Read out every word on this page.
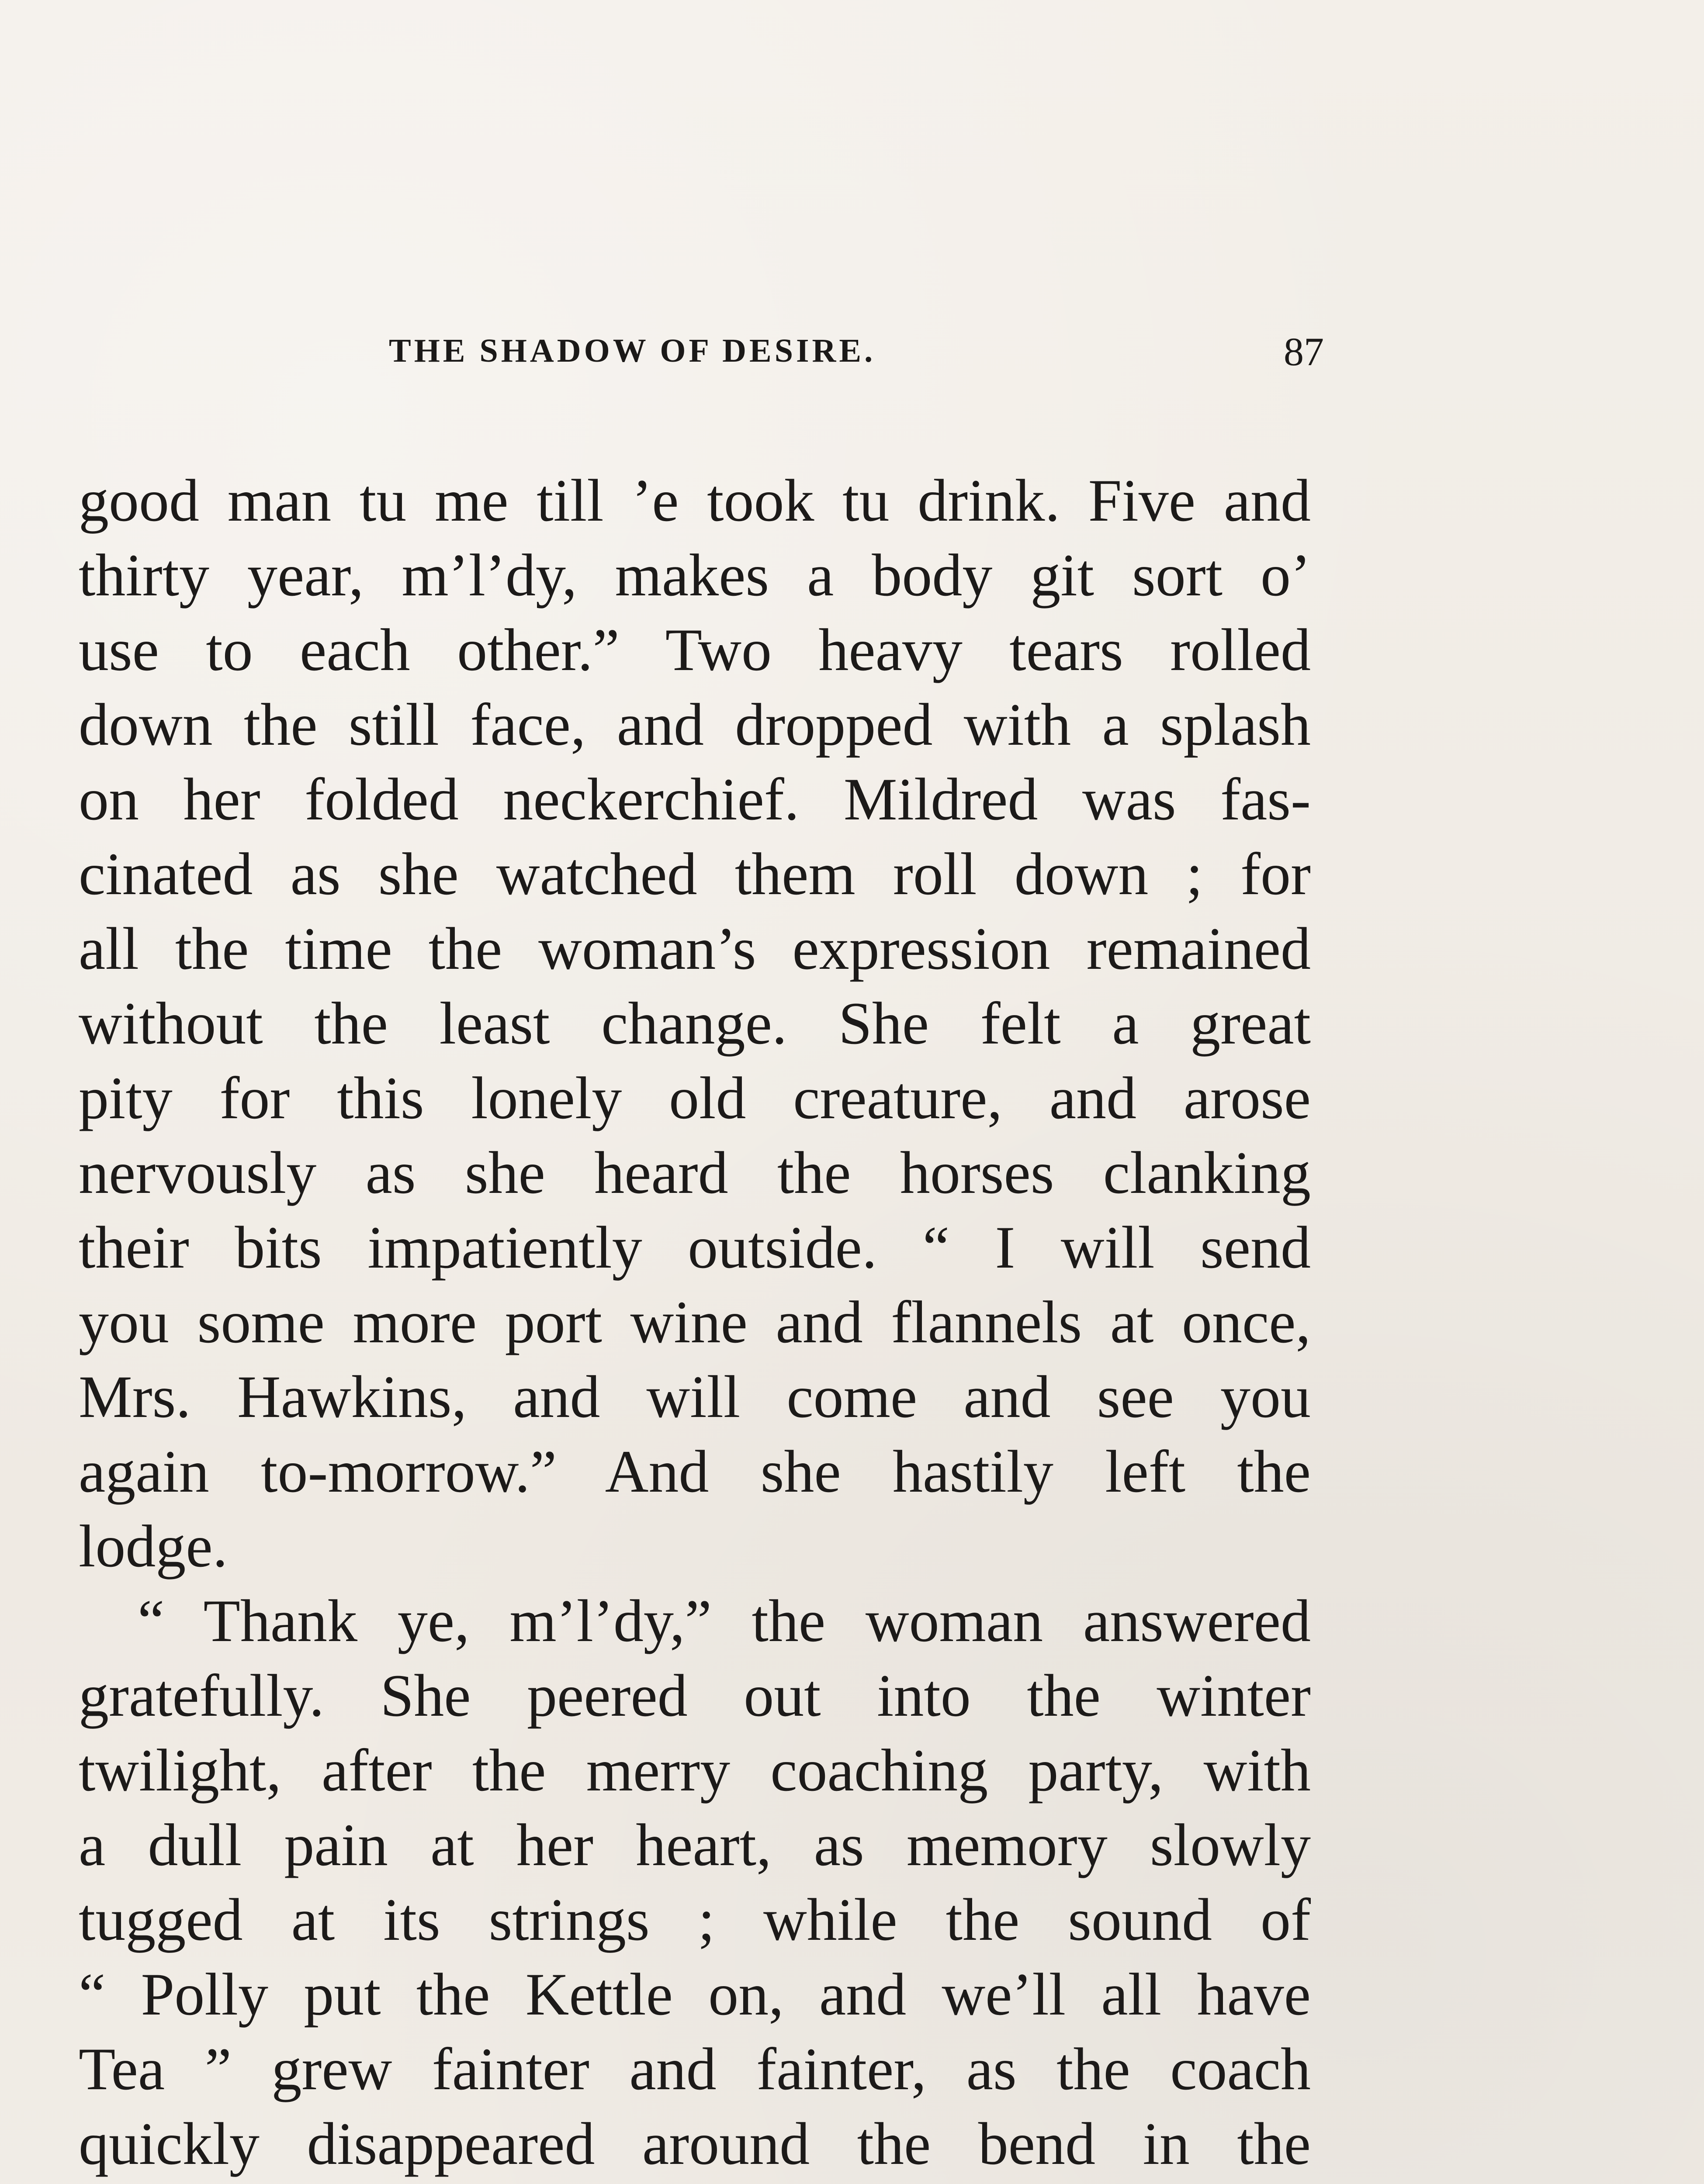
THE SHADOW OF DESIRE.	87
good man tu me till ’e took tu drink. Five and
thirty year, m’l’dy, makes a body git sort o’
use to each other.” Two heavy tears rolled
down the still face, and dropped with a splash
on her folded neckerchief. Mildred was fas-
cinated as she watched them roll down ; for
all the time the woman’s expression remained
without the least change. She felt a great
pity for this lonely old creature, and arose
nervously as she heard the horses clanking
their bits impatiently outside. “ I will send
you some more port wine and flannels at once,
Mrs. Hawkins, and will come and see you
again to-morrow.” And she hastily left the
lodge.
“ Thank ye, m’l’dy,” the woman answered
gratefully. She peered out into the winter
twilight, after the merry coaching party, with
a dull pain at her heart, as memory slowly
tugged at its strings ; while the sound of
“ Polly put the Kettle on, and we’ll all have
Tea ” grew fainter and fainter, as the coach
quickly disappeared around the bend in the
